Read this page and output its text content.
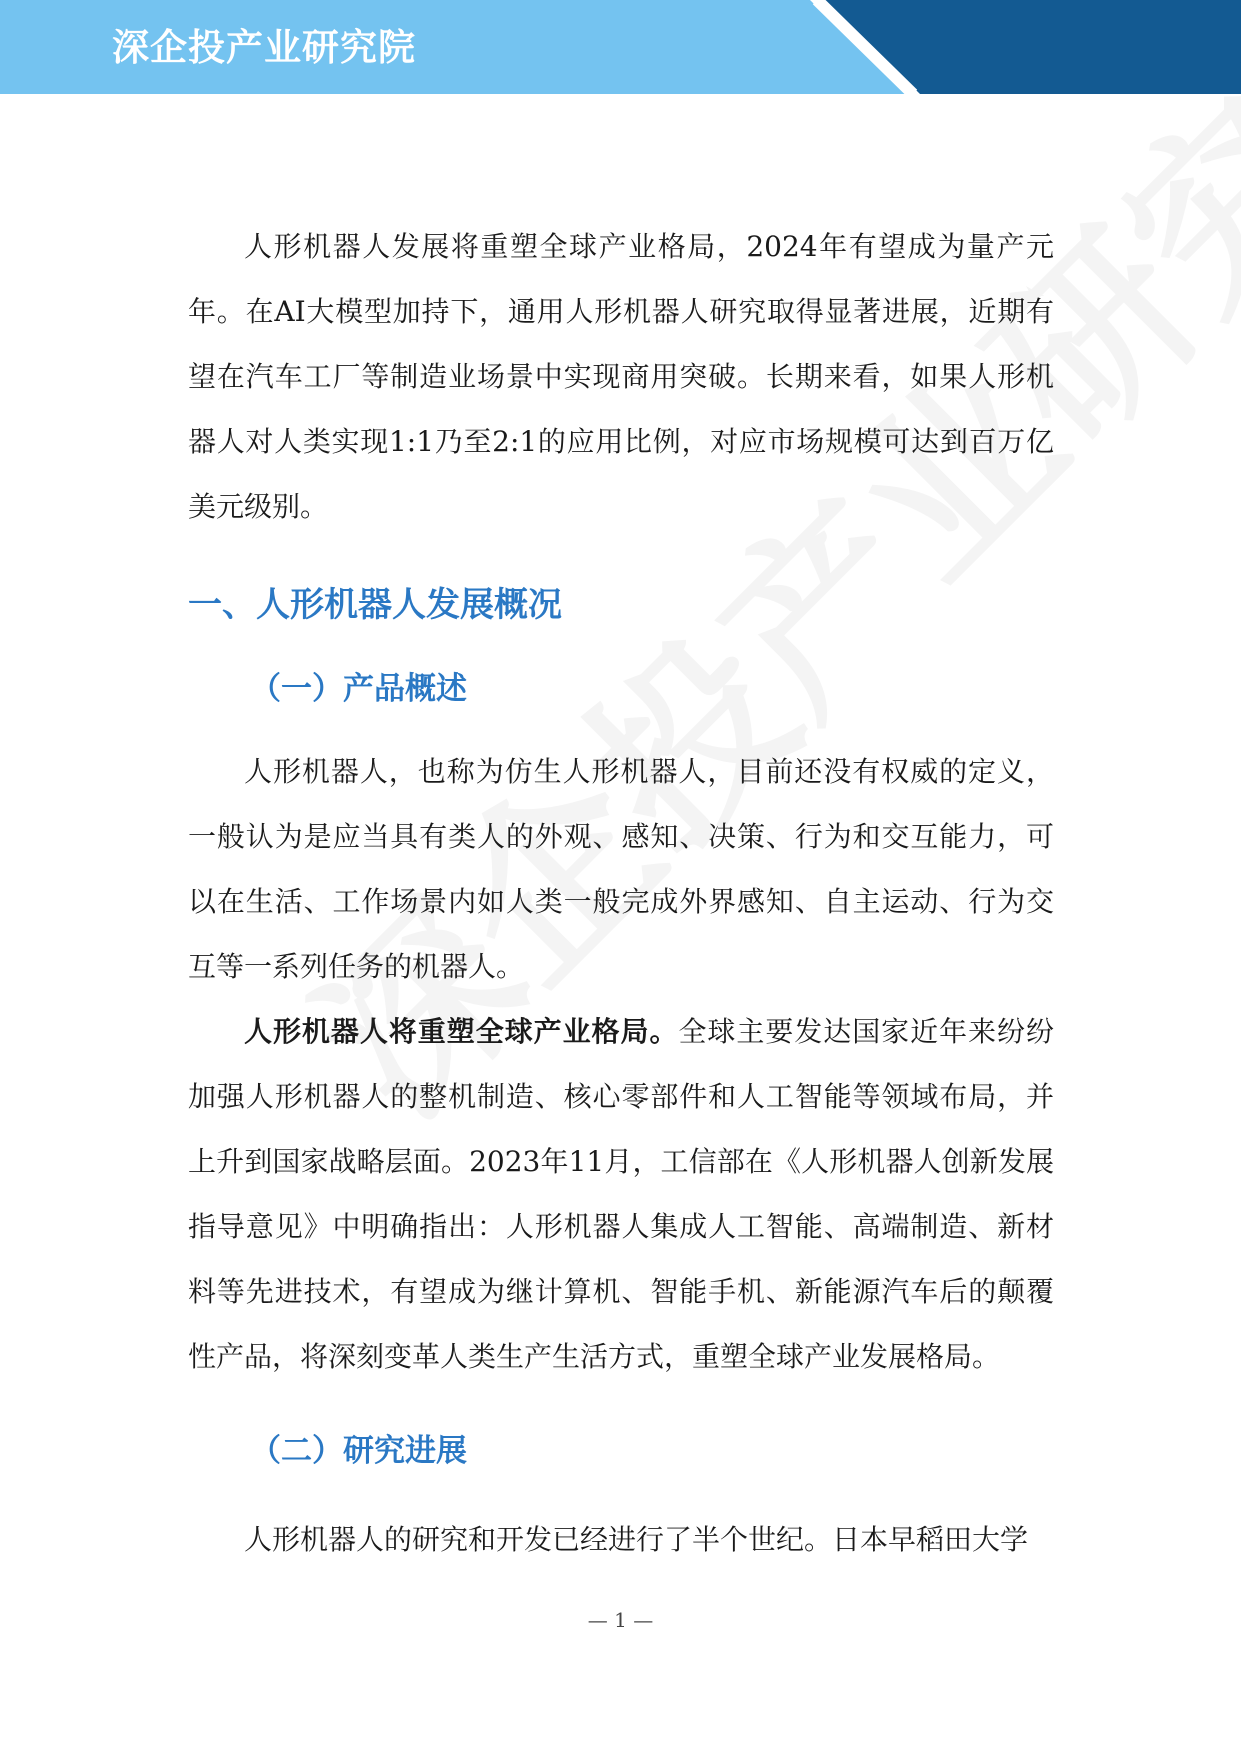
深企投产业研究院

人形机器人发展将重塑全球产业格局，2024年有望成为量产元年。在AI大模型加持下，通用人形机器人研究取得显著进展，近期有望在汽车工厂等制造业场景中实现商用突破。长期来看，如果人形机器人对人类实现1:1乃至2:1的应用比例，对应市场规模可达到百万亿美元级别。

一、人形机器人发展概况
（一）产品概述

人形机器人，也称为仿生人形机器人，目前还没有权威的定义，一般认为是应当具有类人的外观、感知、决策、行为和交互能力，可以在生活、工作场景内如人类一般完成外界感知、自主运动、行为交互等一系列任务的机器人。

人形机器人将重塑全球产业格局。全球主要发达国家近年来纷纷加强人形机器人的整机制造、核心零部件和人工智能等领域布局，并上升到国家战略层面。2023年11月，工信部在《人形机器人创新发展指导意见》中明确指出：人形机器人集成人工智能、高端制造、新材料等先进技术，有望成为继计算机、智能手机、新能源汽车后的颠覆性产品，将深刻变革人类生产生活方式，重塑全球产业发展格局。

（二）研究进展

人形机器人的研究和开发已经进行了半个世纪。日本早稻田大学

— 1 —
